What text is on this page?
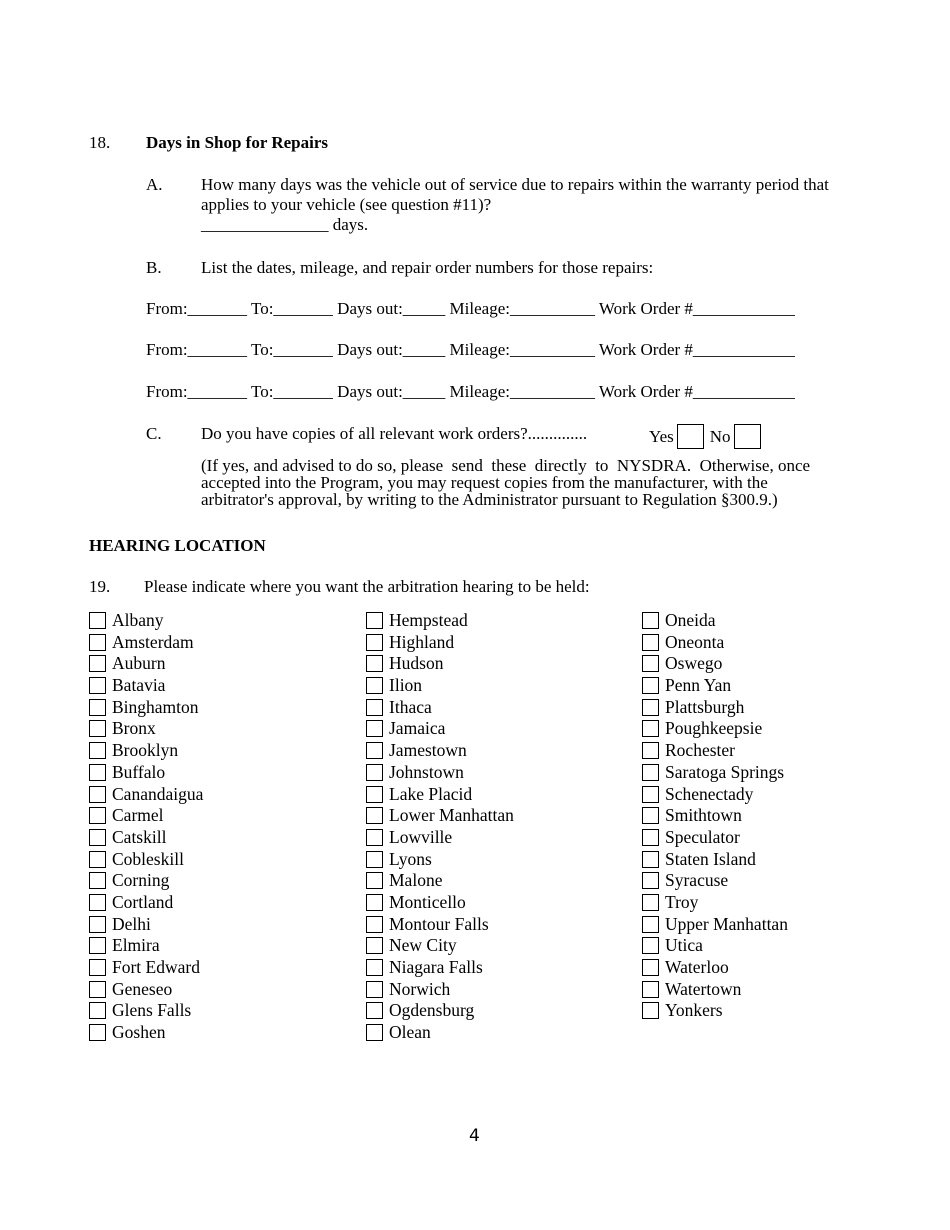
18. Days in Shop for Repairs
A. How many days was the vehicle out of service due to repairs within the warranty period that
applies to your vehicle (see question #11)?
_______________ days.
B. List the dates, mileage, and repair order numbers for those repairs:
From:_______ To:_______ Days out:_____ Mileage:__________ Work Order #____________
From:_______ To:_______ Days out:_____ Mileage:__________ Work Order #____________
From:_______ To:_______ Days out:_____ Mileage:__________ Work Order #____________
C. Do you have copies of all relevant work orders?..............	Yes No
(If yes, and advised to do so, please  send  these  directly  to  NYSDRA.  Otherwise, once
accepted into the Program, you may request copies from the manufacturer, with the
arbitrator's approval, by writing to the Administrator pursuant to Regulation §300.9.)
HEARING LOCATION
19. Please indicate where you want the arbitration hearing to be held:
Albany
Amsterdam
Auburn
Batavia
Binghamton
Bronx
Brooklyn
Buffalo
Canandaigua
Carmel
Catskill
Cobleskill
Corning
Cortland
Delhi
Elmira
Fort Edward
Geneseo
Glens Falls
Goshen
Hempstead
Highland
Hudson
Ilion
Ithaca
Jamaica
Jamestown
Johnstown
Lake Placid
Lower Manhattan
Lowville
Lyons
Malone
Monticello
Montour Falls
New City
Niagara Falls
Norwich
Ogdensburg
Olean
Oneida
Oneonta
Oswego
Penn Yan
Plattsburgh
Poughkeepsie
Rochester
Saratoga Springs
Schenectady
Smithtown
Speculator
Staten Island
Syracuse
Troy
Upper Manhattan
Utica
Waterloo
Watertown
Yonkers
4
